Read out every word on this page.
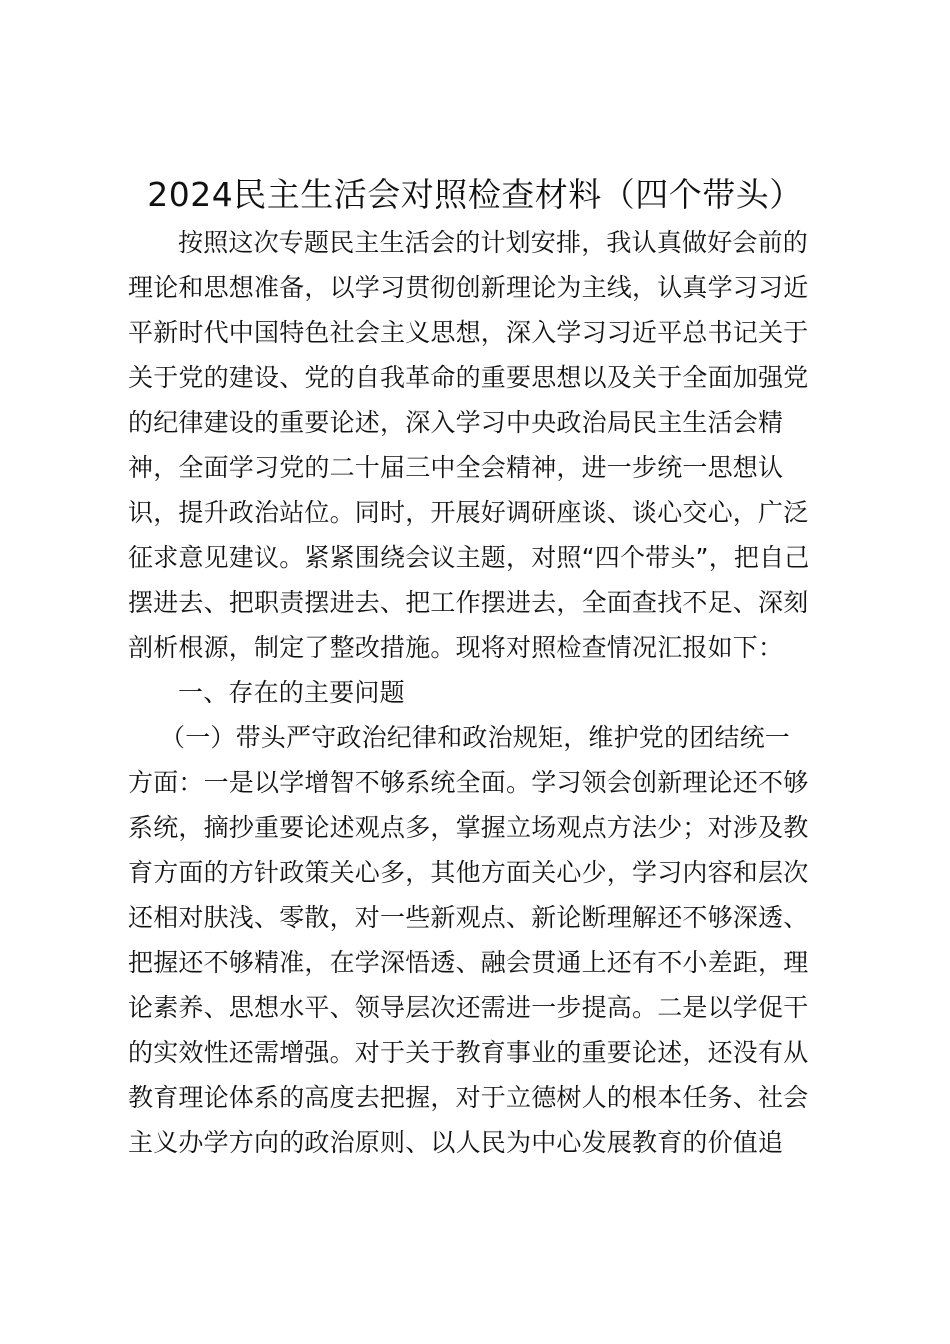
2024民主生活会对照检查材料（四个带头）
按照这次专题民主生活会的计划安排，我认真做好会前的
理论和思想准备，以学习贯彻创新理论为主线，认真学习习近
平新时代中国特色社会主义思想，深入学习习近平总书记关于
关于党的建设、党的自我革命的重要思想以及关于全面加强党
的纪律建设的重要论述，深入学习中央政治局民主生活会精
神，全面学习党的二十届三中全会精神，进一步统一思想认
识，提升政治站位。同时，开展好调研座谈、谈心交心，广泛
征求意见建议。紧紧围绕会议主题，对照“四个带头”，把自己
摆进去、把职责摆进去、把工作摆进去，全面查找不足、深刻
剖析根源，制定了整改措施。现将对照检查情况汇报如下：
一、存在的主要问题
（一）带头严守政治纪律和政治规矩，维护党的团结统一
方面：一是以学增智不够系统全面。学习领会创新理论还不够
系统，摘抄重要论述观点多，掌握立场观点方法少；对涉及教
育方面的方针政策关心多，其他方面关心少，学习内容和层次
还相对肤浅、零散，对一些新观点、新论断理解还不够深透、
把握还不够精准，在学深悟透、融会贯通上还有不小差距，理
论素养、思想水平、领导层次还需进一步提高。二是以学促干
的实效性还需增强。对于关于教育事业的重要论述，还没有从
教育理论体系的高度去把握，对于立德树人的根本任务、社会
主义办学方向的政治原则、以人民为中心发展教育的价值追
